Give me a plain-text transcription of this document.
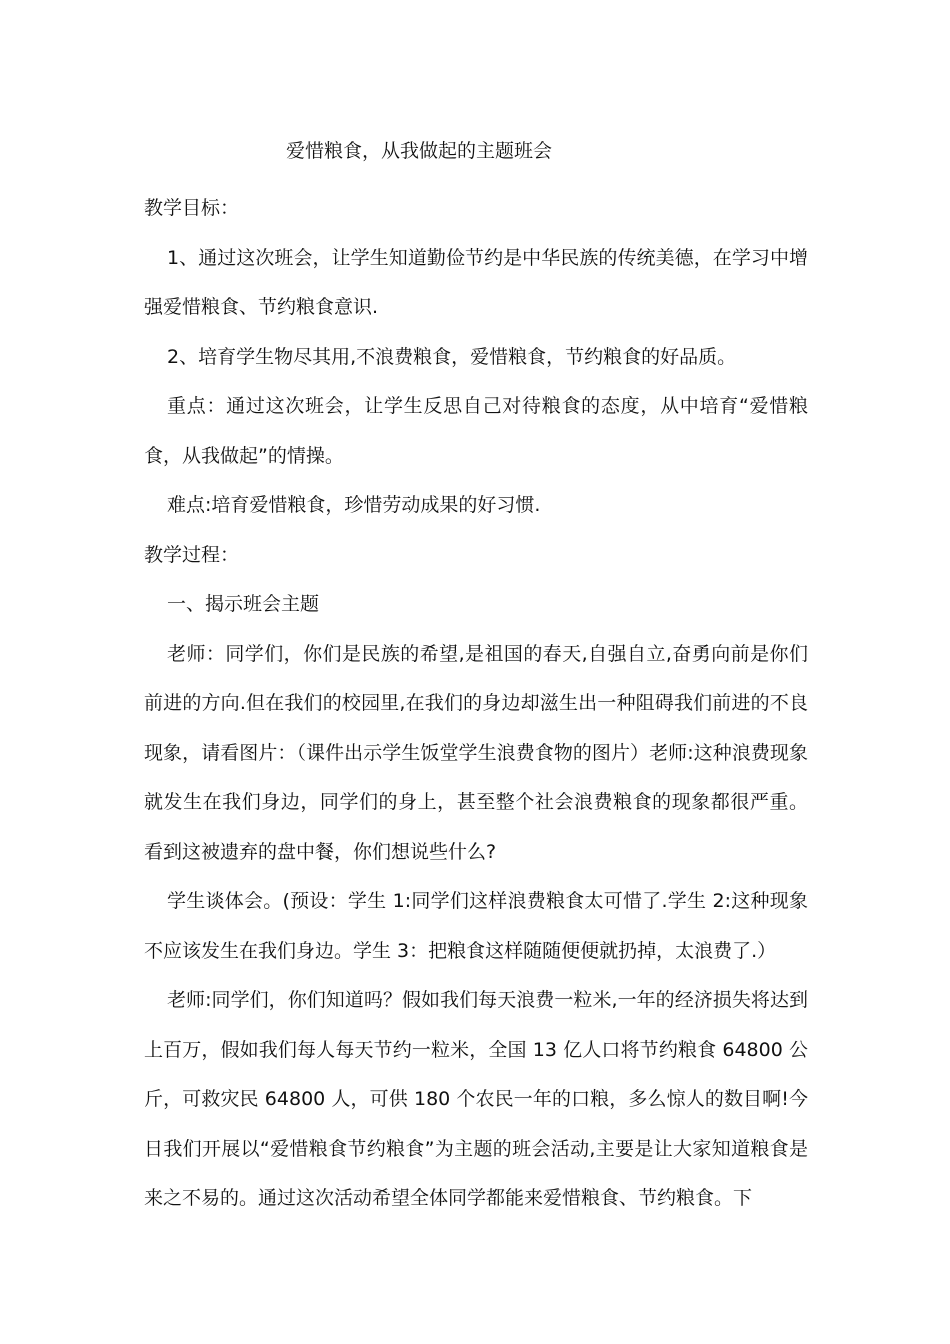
爱惜粮食，从我做起的主题班会

教学目标：

1、通过这次班会，让学生知道勤俭节约是中华民族的传统美德，在学习中增强爱惜粮食、节约粮食意识.

2、培育学生物尽其用,不浪费粮食，爱惜粮食，节约粮食的好品质。

重点：通过这次班会，让学生反思自己对待粮食的态度，从中培育“爱惜粮食，从我做起”的情操。

难点:培育爱惜粮食，珍惜劳动成果的好习惯.

教学过程：

一、揭示班会主题

老师：同学们，你们是民族的希望,是祖国的春天,自强自立,奋勇向前是你们前进的方向.但在我们的校园里,在我们的身边却滋生出一种阻碍我们前进的不良现象，请看图片：（课件出示学生饭堂学生浪费食物的图片）老师:这种浪费现象就发生在我们身边，同学们的身上，甚至整个社会浪费粮食的现象都很严重。看到这被遗弃的盘中餐，你们想说些什么?

学生谈体会。(预设：学生 1:同学们这样浪费粮食太可惜了.学生 2:这种现象不应该发生在我们身边。学生 3：把粮食这样随随便便就扔掉，太浪费了.）

老师:同学们，你们知道吗？假如我们每天浪费一粒米,一年的经济损失将达到上百万，假如我们每人每天节约一粒米，全国 13 亿人口将节约粮食 64800 公斤，可救灾民 64800 人，可供 180 个农民一年的口粮，多么惊人的数目啊!今日我们开展以“爱惜粮食节约粮食”为主题的班会活动,主要是让大家知道粮食是来之不易的。通过这次活动希望全体同学都能来爱惜粮食、节约粮食。下
